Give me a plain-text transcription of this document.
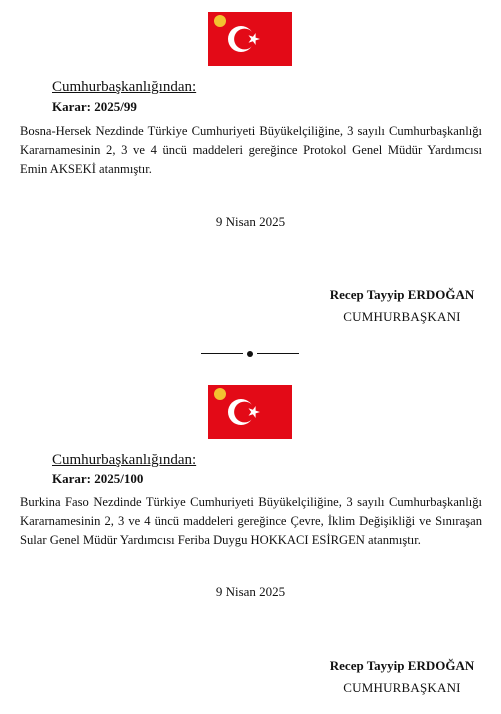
Cumhurbaşkanlığından:
Karar: 2025/99
Bosna-Hersek Nezdinde Türkiye Cumhuriyeti Büyükelçiliğine, 3 sayılı Cumhurbaşkanlığı Kararnamesinin 2, 3 ve 4 üncü maddeleri gereğince Protokol Genel Müdür Yardımcısı Emin AKSEKİ atanmıştır.
9 Nisan 2025
Recep Tayyip ERDOĞAN
CUMHURBAŞKANI
Cumhurbaşkanlığından:
Karar: 2025/100
Burkina Faso Nezdinde Türkiye Cumhuriyeti Büyükelçiliğine, 3 sayılı Cumhurbaşkanlığı Kararnamesinin 2, 3 ve 4 üncü maddeleri gereğince Çevre, İklim Değişikliği ve Sınıraşan Sular Genel Müdür Yardımcısı Feriba Duygu HOKKACI ESİRGEN atanmıştır.
9 Nisan 2025
Recep Tayyip ERDOĞAN
CUMHURBAŞKANI
